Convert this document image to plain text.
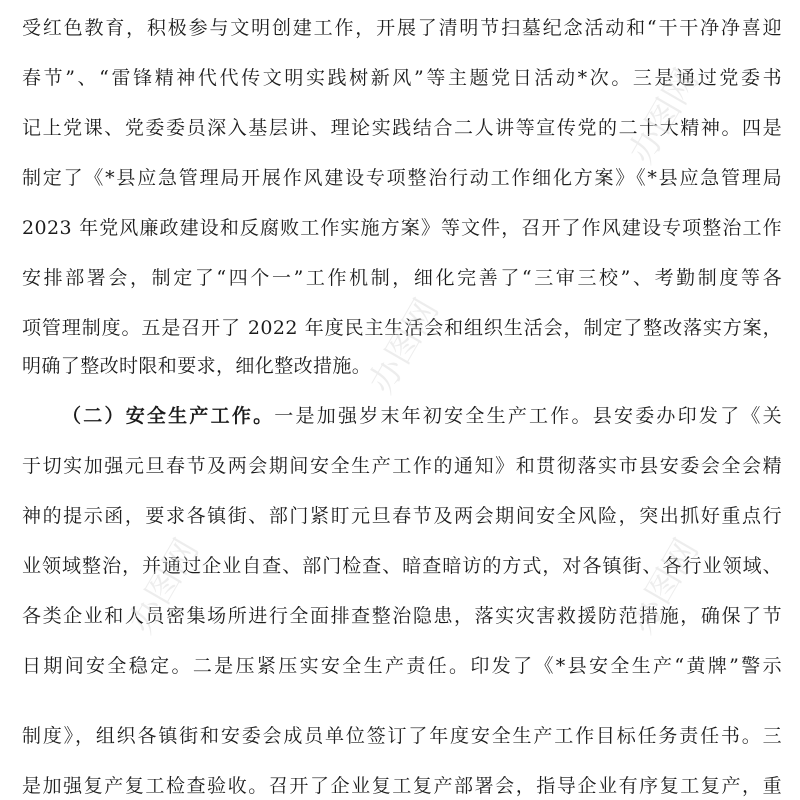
受红色教育，积极参与文明创建工作，开展了清明节扫墓纪念活动和“干干净净喜迎
春节”、“雷锋精神代代传文明实践树新风”等主题党日活动*次。三是通过党委书
记上党课、党委委员深入基层讲、理论实践结合二人讲等宣传党的二十大精神。四是
制定了《*县应急管理局开展作风建设专项整治行动工作细化方案》《*县应急管理局
2023 年党风廉政建设和反腐败工作实施方案》等文件，召开了作风建设专项整治工作
安排部署会，制定了“四个一”工作机制，细化完善了“三审三校”、考勤制度等各
项管理制度。五是召开了 2022 年度民主生活会和组织生活会，制定了整改落实方案，
明确了整改时限和要求，细化整改措施。
（二）安全生产工作。一是加强岁末年初安全生产工作。县安委办印发了《关
于切实加强元旦春节及两会期间安全生产工作的通知》和贯彻落实市县安委会全会精
神的提示函，要求各镇街、部门紧盯元旦春节及两会期间安全风险，突出抓好重点行
业领域整治，并通过企业自查、部门检查、暗查暗访的方式，对各镇街、各行业领域、
各类企业和人员密集场所进行全面排查整治隐患，落实灾害救援防范措施，确保了节
日期间安全稳定。二是压紧压实安全生产责任。印发了《*县安全生产“黄牌”警示
制度》，组织各镇街和安委会成员单位签订了年度安全生产工作目标任务责任书。三
是加强复产复工检查验收。召开了企业复工复产部署会，指导企业有序复工复产，重
办图网
办图网
办图网
办图网
